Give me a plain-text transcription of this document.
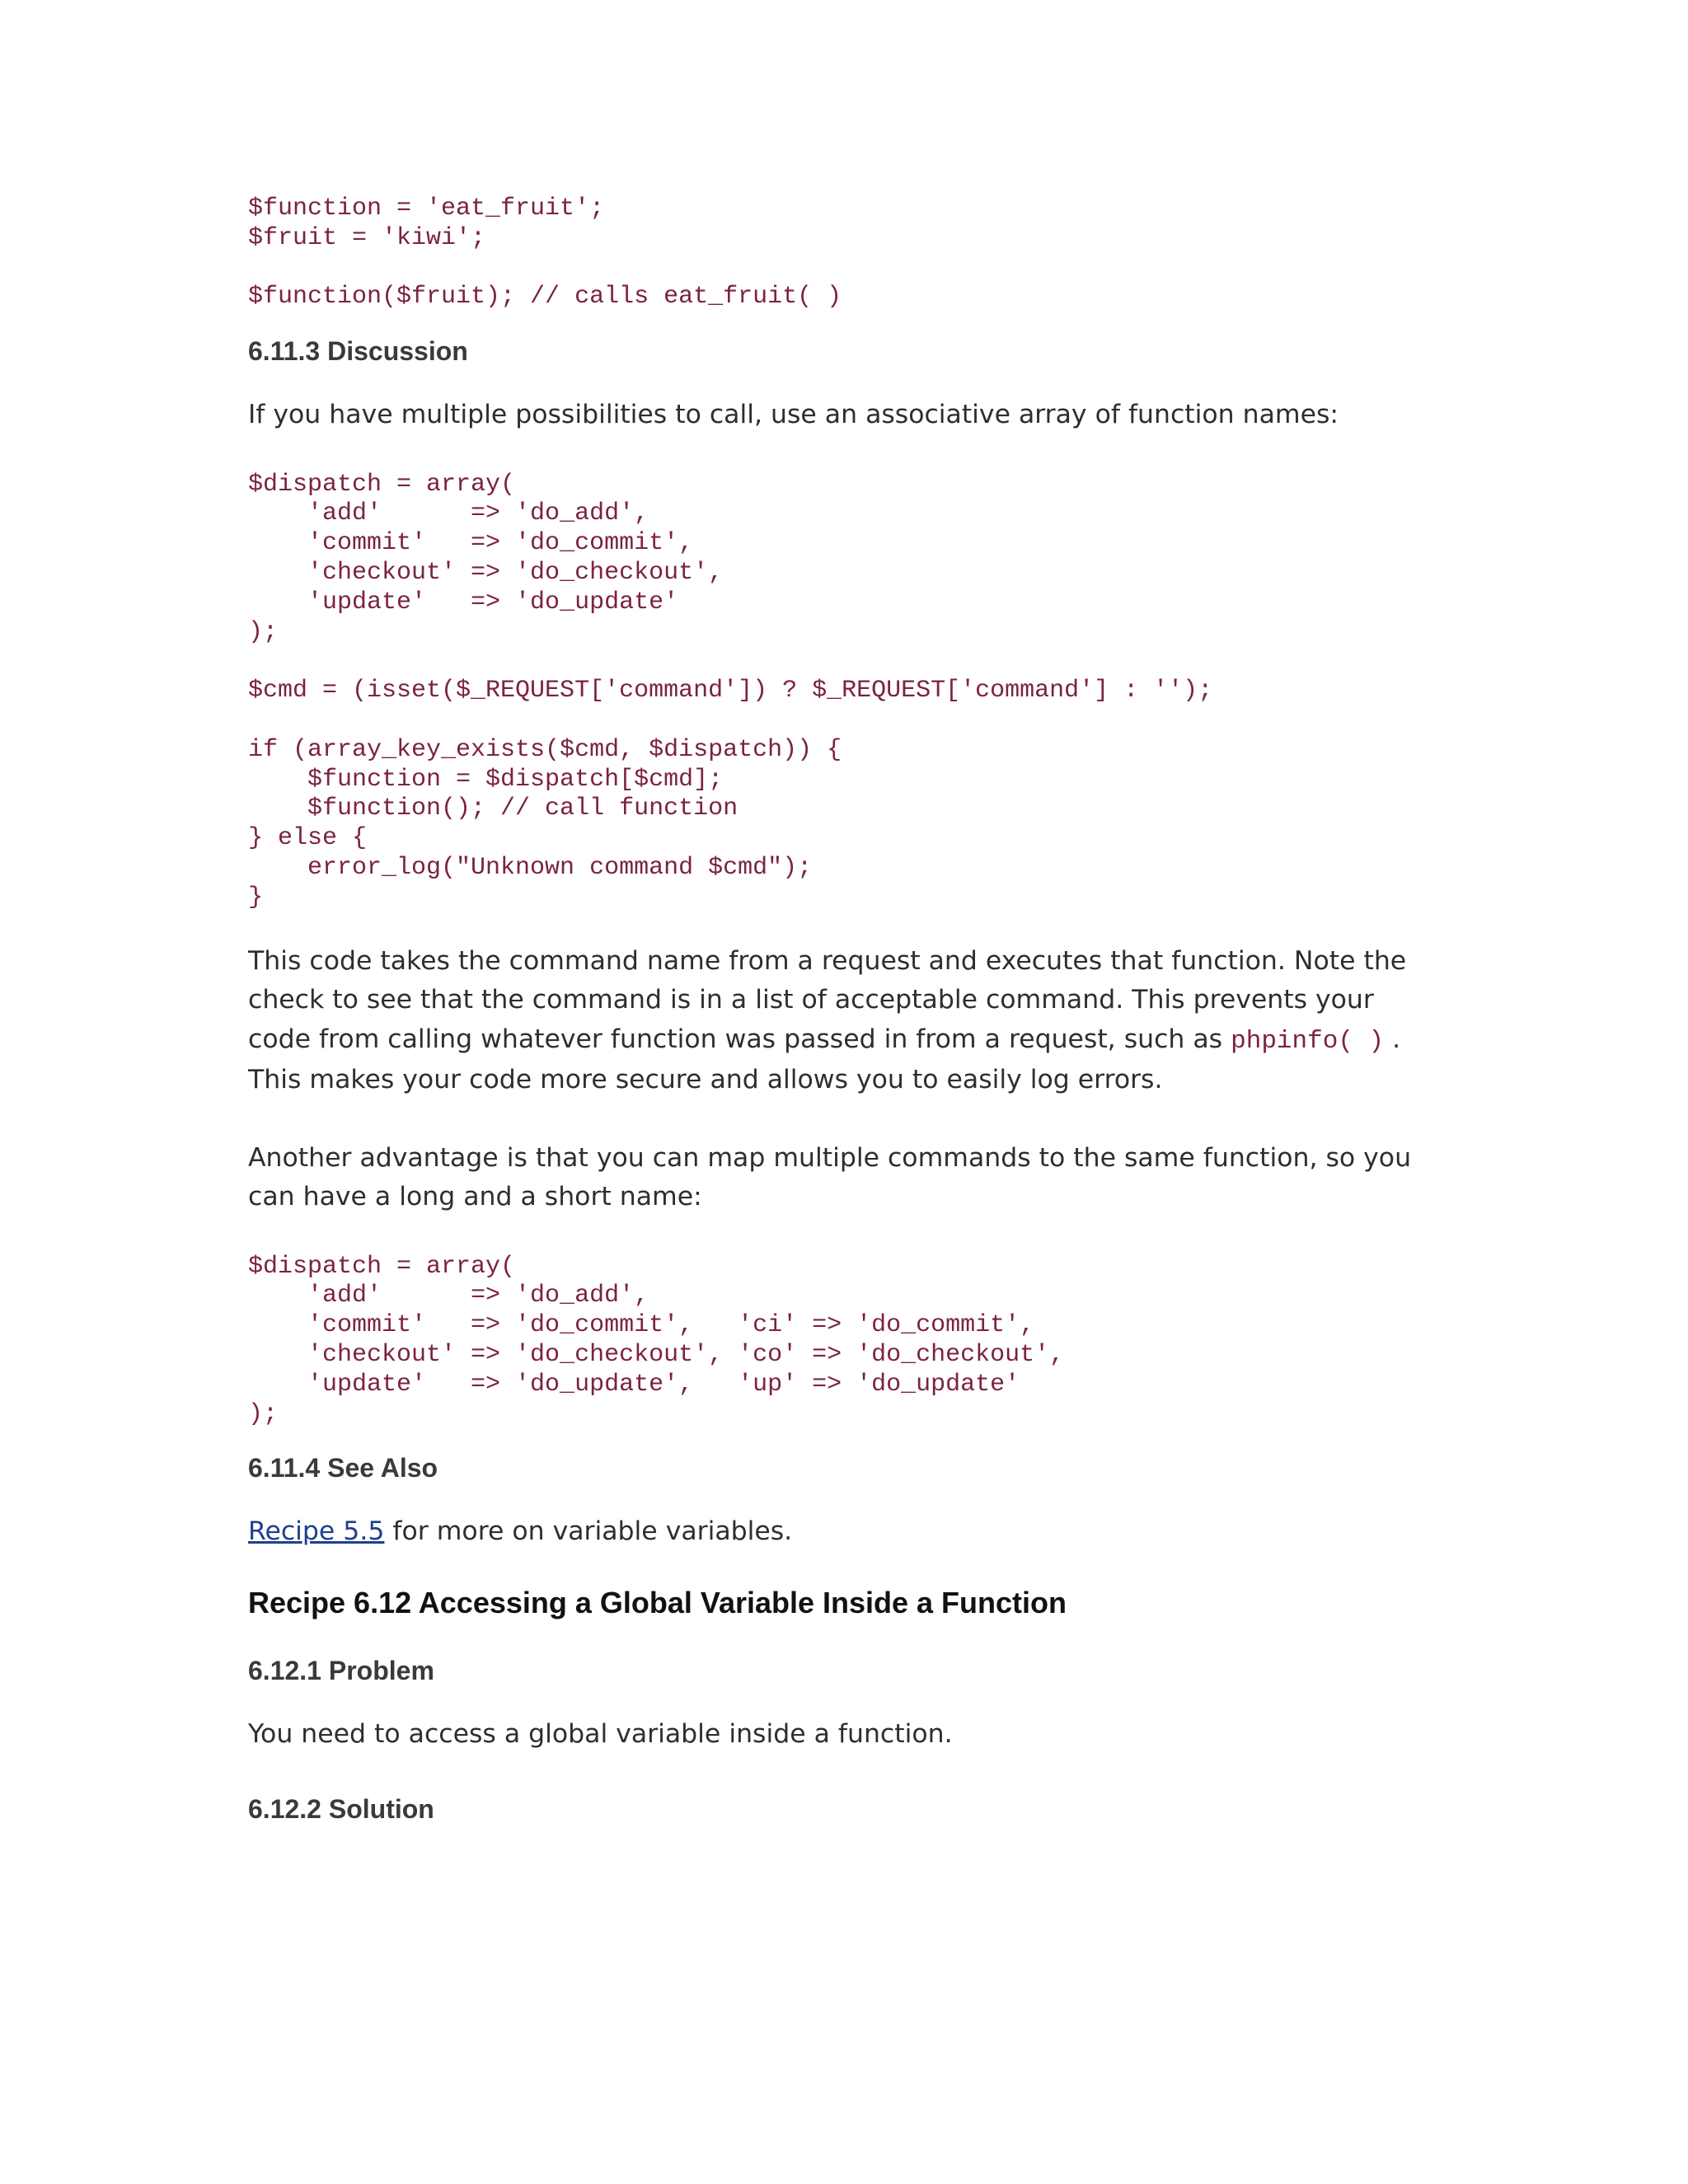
$function = 'eat_fruit';
$fruit = 'kiwi';

$function($fruit); // calls eat_fruit( )
6.11.3 Discussion

If you have multiple possibilities to call, use an associative array of function names:

$dispatch = array(
'add'      => 'do_add',
'commit'   => 'do_commit',
'checkout' => 'do_checkout',
'update'   => 'do_update'
);

$cmd = (isset($_REQUEST['command']) ? $_REQUEST['command'] : '');

if (array_key_exists($cmd, $dispatch)) {
$function = $dispatch[$cmd];
$function(); // call function
} else {
error_log("Unknown command $cmd");
}

This code takes the command name from a request and executes that function. Note the check to see that the command is in a list of acceptable command. This prevents your code from calling whatever function was passed in from a request, such as phpinfo( ) . This makes your code more secure and allows you to easily log errors.

Another advantage is that you can map multiple commands to the same function, so you can have a long and a short name:

$dispatch = array(
'add'      => 'do_add',
'commit'   => 'do_commit',   'ci' => 'do_commit',
'checkout' => 'do_checkout', 'co' => 'do_checkout',
'update'   => 'do_update',   'up' => 'do_update'
);
6.11.4 See Also

Recipe 5.5 for more on variable variables.

Recipe 6.12 Accessing a Global Variable Inside a Function
6.12.1 Problem

You need to access a global variable inside a function.

6.12.2 Solution
